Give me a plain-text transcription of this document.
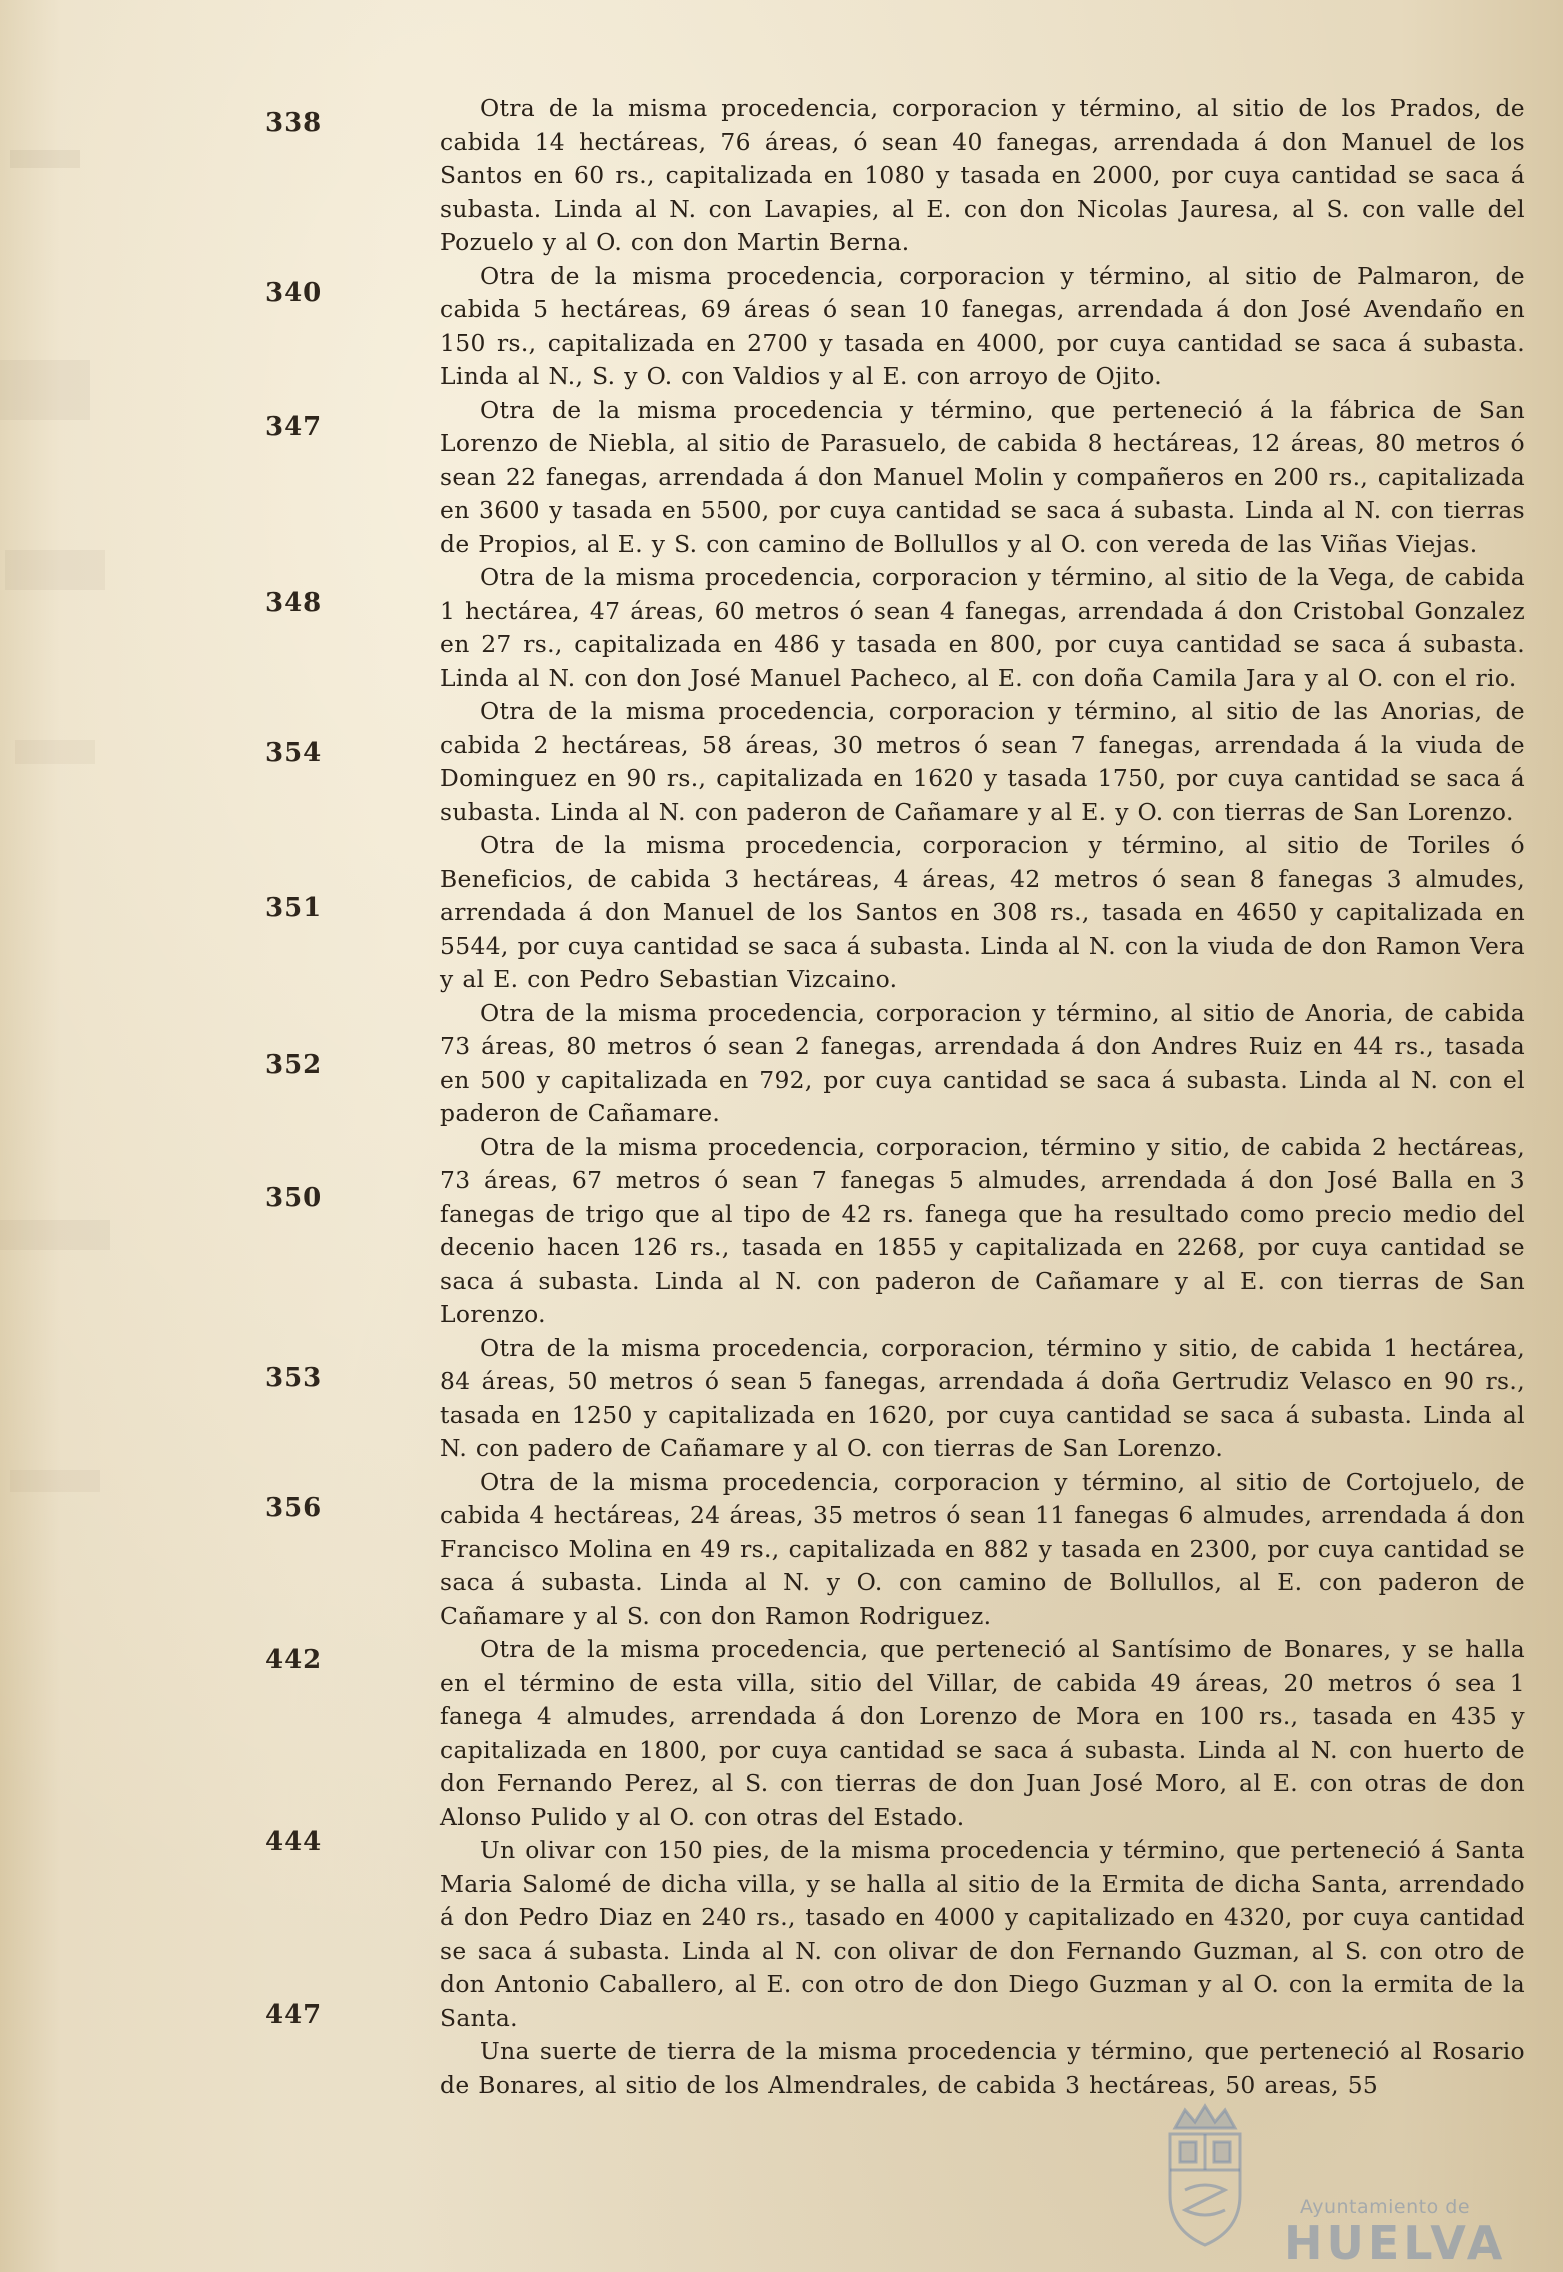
338
340
347
348
354
351
352
350
353
356
442
444
447

Otra de la misma procedencia, corporacion y término, al sitio de los Prados, de cabida 14 hectáreas, 76 áreas, ó sean 40 fanegas, arrendada á don Manuel de los Santos en 60 rs., capitalizada en 1080 y tasada en 2000, por cuya cantidad se saca á subasta. Linda al N. con Lavapies, al E. con don Nicolas Jauresa, al S. con valle del Pozuelo y al O. con don Martin Berna.

Otra de la misma procedencia, corporacion y término, al sitio de Palmaron, de cabida 5 hectáreas, 69 áreas ó sean 10 fanegas, arrendada á don José Avendaño en 150 rs., capitalizada en 2700 y tasada en 4000, por cuya cantidad se saca á subasta. Linda al N., S. y O. con Valdios y al E. con arroyo de Ojito.

Otra de la misma procedencia y término, que perteneció á la fábrica de San Lorenzo de Niebla, al sitio de Parasuelo, de cabida 8 hectáreas, 12 áreas, 80 metros ó sean 22 fanegas, arrendada á don Manuel Molin y compañeros en 200 rs., capitalizada en 3600 y tasada en 5500, por cuya cantidad se saca á subasta. Linda al N. con tierras de Propios, al E. y S. con camino de Bollullos y al O. con vereda de las Viñas Viejas.

Otra de la misma procedencia, corporacion y término, al sitio de la Vega, de cabida 1 hectárea, 47 áreas, 60 metros ó sean 4 fanegas, arrendada á don Cristobal Gonzalez en 27 rs., capitalizada en 486 y tasada en 800, por cuya cantidad se saca á subasta. Linda al N. con don José Manuel Pacheco, al E. con doña Camila Jara y al O. con el rio.

Otra de la misma procedencia, corporacion y término, al sitio de las Anorias, de cabida 2 hectáreas, 58 áreas, 30 metros ó sean 7 fanegas, arrendada á la viuda de Dominguez en 90 rs., capitalizada en 1620 y tasada 1750, por cuya cantidad se saca á subasta. Linda al N. con paderon de Cañamare y al E. y O. con tierras de San Lorenzo.

Otra de la misma procedencia, corporacion y término, al sitio de Toriles ó Beneficios, de cabida 3 hectáreas, 4 áreas, 42 metros ó sean 8 fanegas 3 almudes, arrendada á don Manuel de los Santos en 308 rs., tasada en 4650 y capitalizada en 5544, por cuya cantidad se saca á subasta. Linda al N. con la viuda de don Ramon Vera y al E. con Pedro Sebastian Vizcaino.

Otra de la misma procedencia, corporacion y término, al sitio de Anoria, de cabida 73 áreas, 80 metros ó sean 2 fanegas, arrendada á don Andres Ruiz en 44 rs., tasada en 500 y capitalizada en 792, por cuya cantidad se saca á subasta. Linda al N. con el paderon de Cañamare.

Otra de la misma procedencia, corporacion, término y sitio, de cabida 2 hectáreas, 73 áreas, 67 metros ó sean 7 fanegas 5 almudes, arrendada á don José Balla en 3 fanegas de trigo que al tipo de 42 rs. fanega que ha resultado como precio medio del decenio hacen 126 rs., tasada en 1855 y capitalizada en 2268, por cuya cantidad se saca á subasta. Linda al N. con paderon de Cañamare y al E. con tierras de San Lorenzo.

Otra de la misma procedencia, corporacion, término y sitio, de cabida 1 hectárea, 84 áreas, 50 metros ó sean 5 fanegas, arrendada á doña Gertrudiz Velasco en 90 rs., tasada en 1250 y capitalizada en 1620, por cuya cantidad se saca á subasta. Linda al N. con padero de Cañamare y al O. con tierras de San Lorenzo.

Otra de la misma procedencia, corporacion y término, al sitio de Cortojuelo, de cabida 4 hectáreas, 24 áreas, 35 metros ó sean 11 fanegas 6 almudes, arrendada á don Francisco Molina en 49 rs., capitalizada en 882 y tasada en 2300, por cuya cantidad se saca á subasta. Linda al N. y O. con camino de Bollullos, al E. con paderon de Cañamare y al S. con don Ramon Rodriguez.

Otra de la misma procedencia, que perteneció al Santísimo de Bonares, y se halla en el término de esta villa, sitio del Villar, de cabida 49 áreas, 20 metros ó sea 1 fanega 4 almudes, arrendada á don Lorenzo de Mora en 100 rs., tasada en 435 y capitalizada en 1800, por cuya cantidad se saca á subasta. Linda al N. con huerto de don Fernando Perez, al S. con tierras de don Juan José Moro, al E. con otras de don Alonso Pulido y al O. con otras del Estado.

Un olivar con 150 pies, de la misma procedencia y término, que perteneció á Santa Maria Salomé de dicha villa, y se halla al sitio de la Ermita de dicha Santa, arrendado á don Pedro Diaz en 240 rs., tasado en 4000 y capitalizado en 4320, por cuya cantidad se saca á subasta. Linda al N. con olivar de don Fernando Guzman, al S. con otro de don Antonio Caballero, al E. con otro de don Diego Guzman y al O. con la ermita de la Santa.

Una suerte de tierra de la misma procedencia y término, que perteneció al Rosario de Bonares, al sitio de los Almendrales, de cabida 3 hectáreas, 50 areas, 55

Ayuntamiento de
HUELVA
